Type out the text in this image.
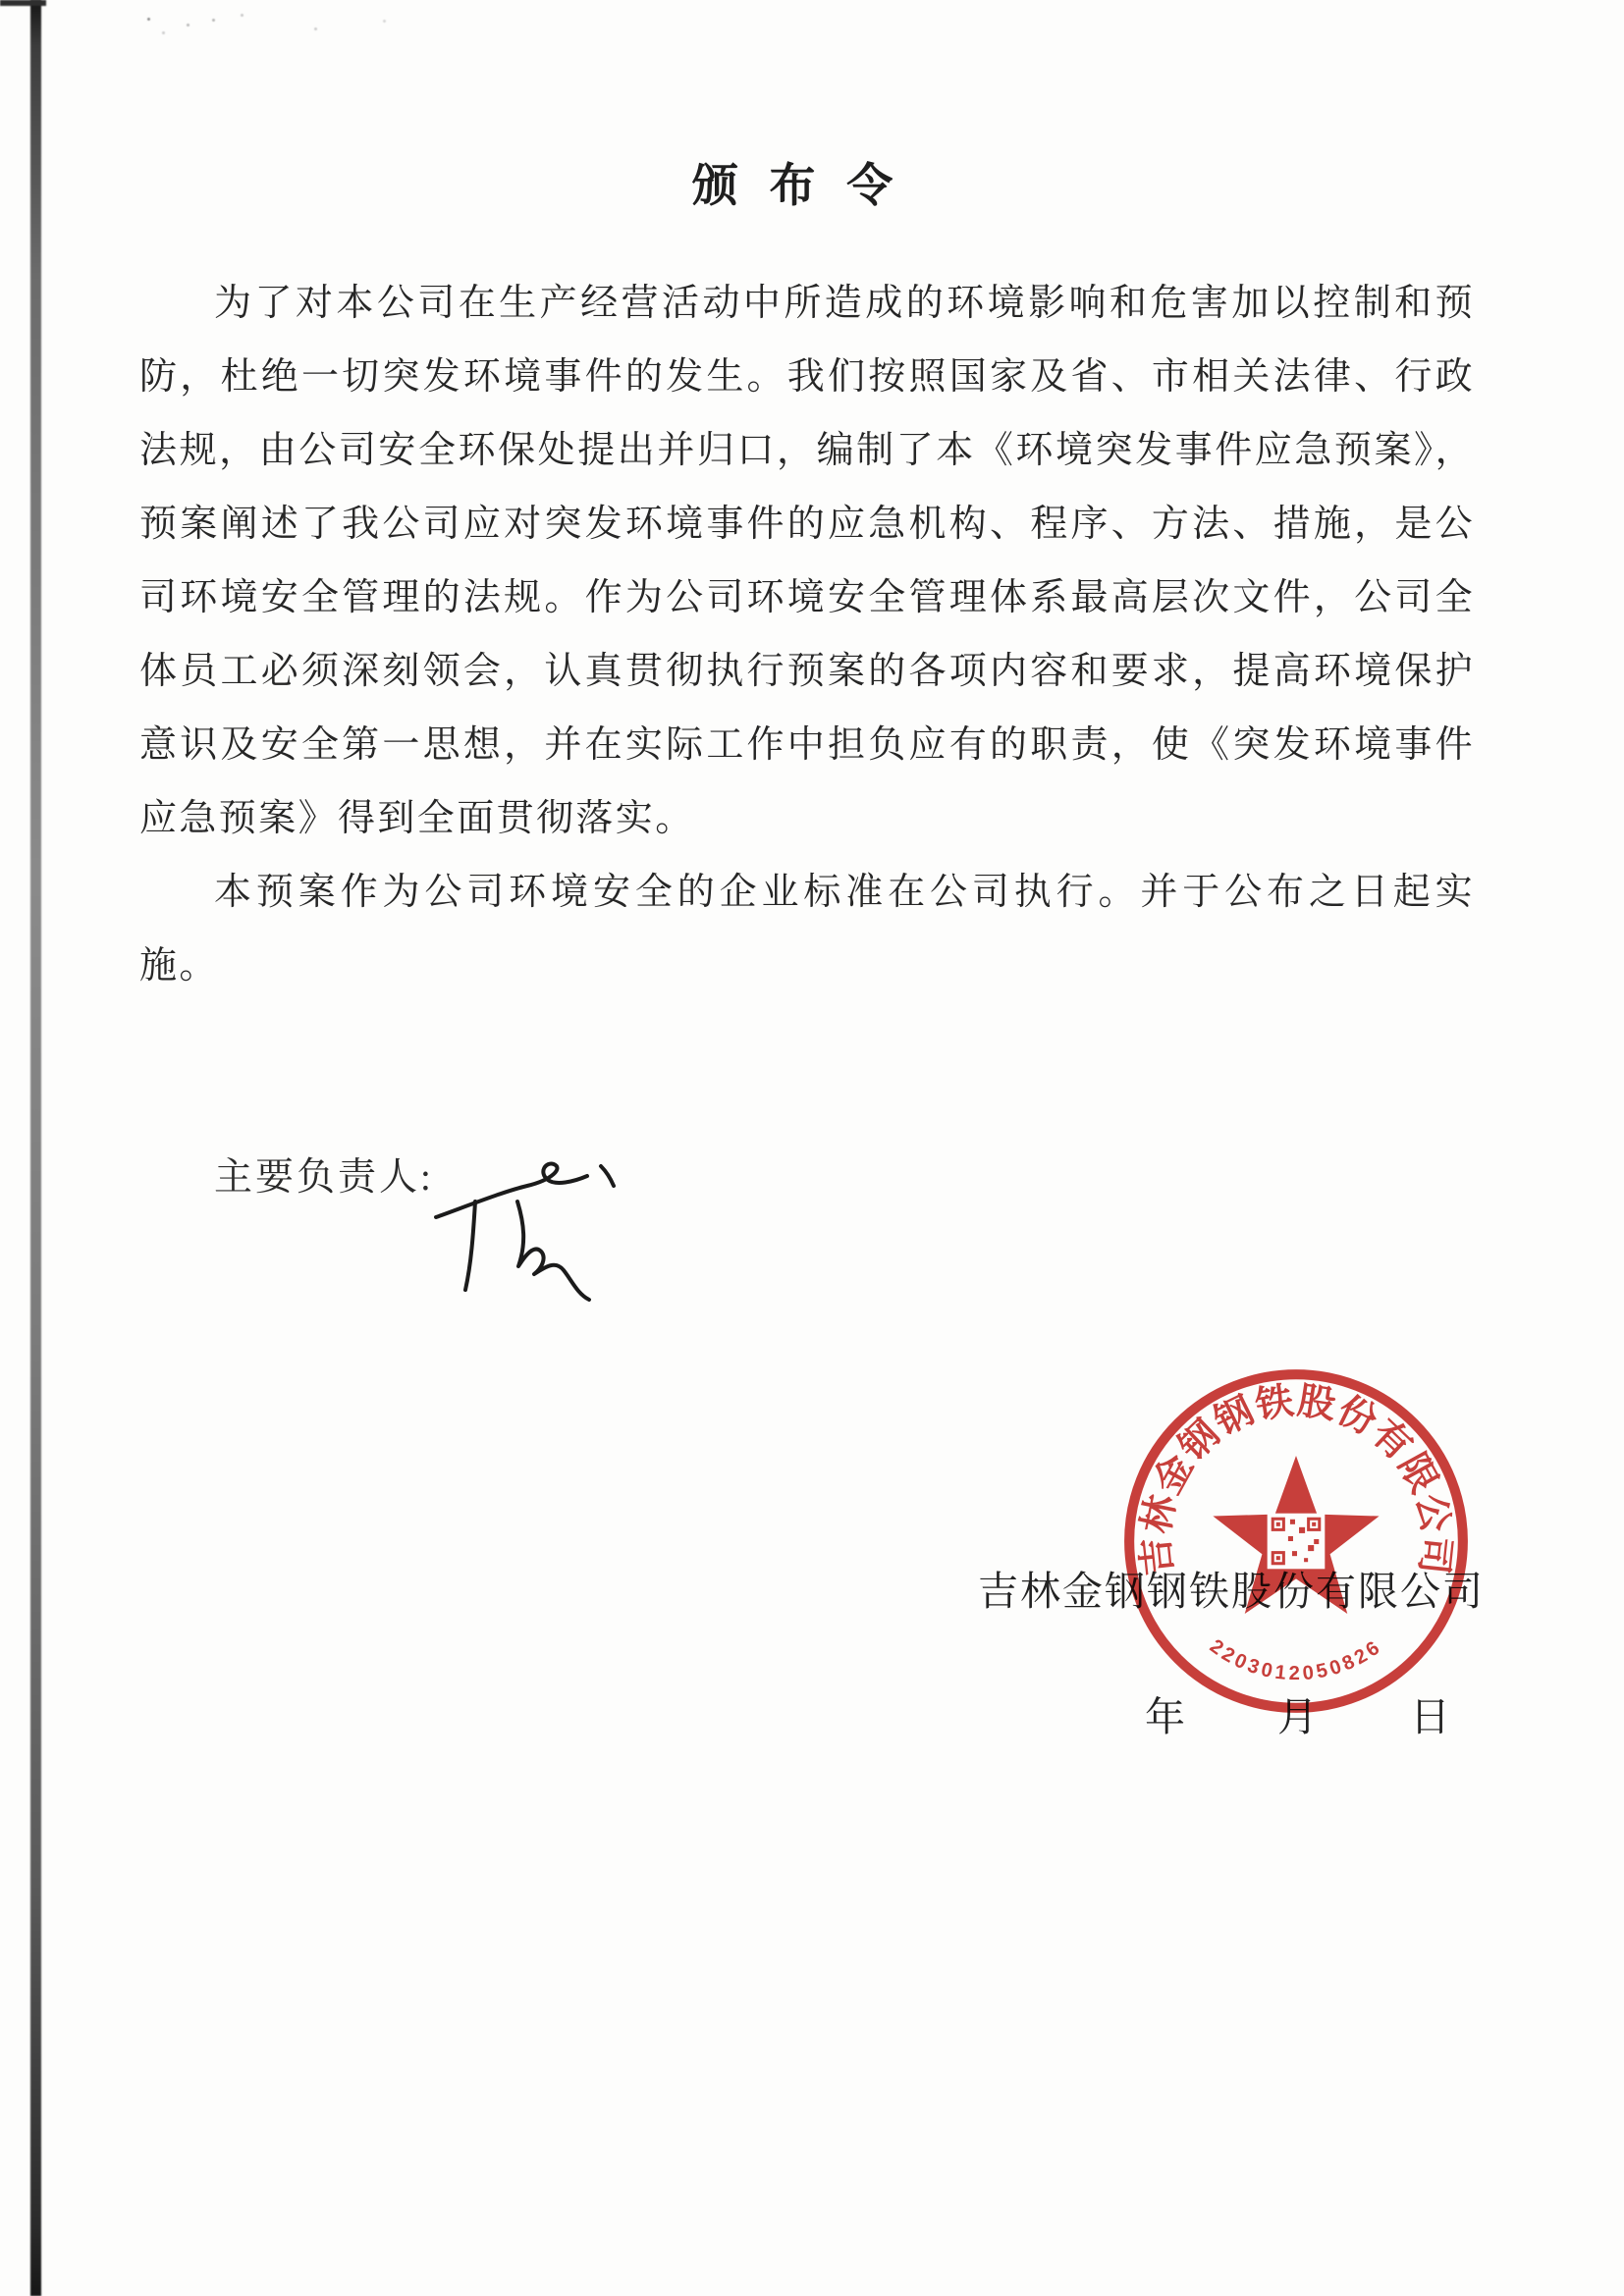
颁 布 令

为了对本公司在生产经营活动中所造成的环境影响和危害加以控制和预防，杜绝一切突发环境事件的发生。我们按照国家及省、市相关法律、行政法规，由公司安全环保处提出并归口，编制了本《环境突发事件应急预案》，预案阐述了我公司应对突发环境事件的应急机构、程序、方法、措施，是公司环境安全管理的法规。作为公司环境安全管理体系最高层次文件，公司全体员工必须深刻领会，认真贯彻执行预案的各项内容和要求，提高环境保护意识及安全第一思想，并在实际工作中担负应有的职责，使《突发环境事件应急预案》得到全面贯彻落实。

本预案作为公司环境安全的企业标准在公司执行。并于公布之日起实施。

主要负责人:
吉林金钢钢铁股份有限公司
年　　月　　日
吉林金钢钢铁股份有限公司
2203012050826
